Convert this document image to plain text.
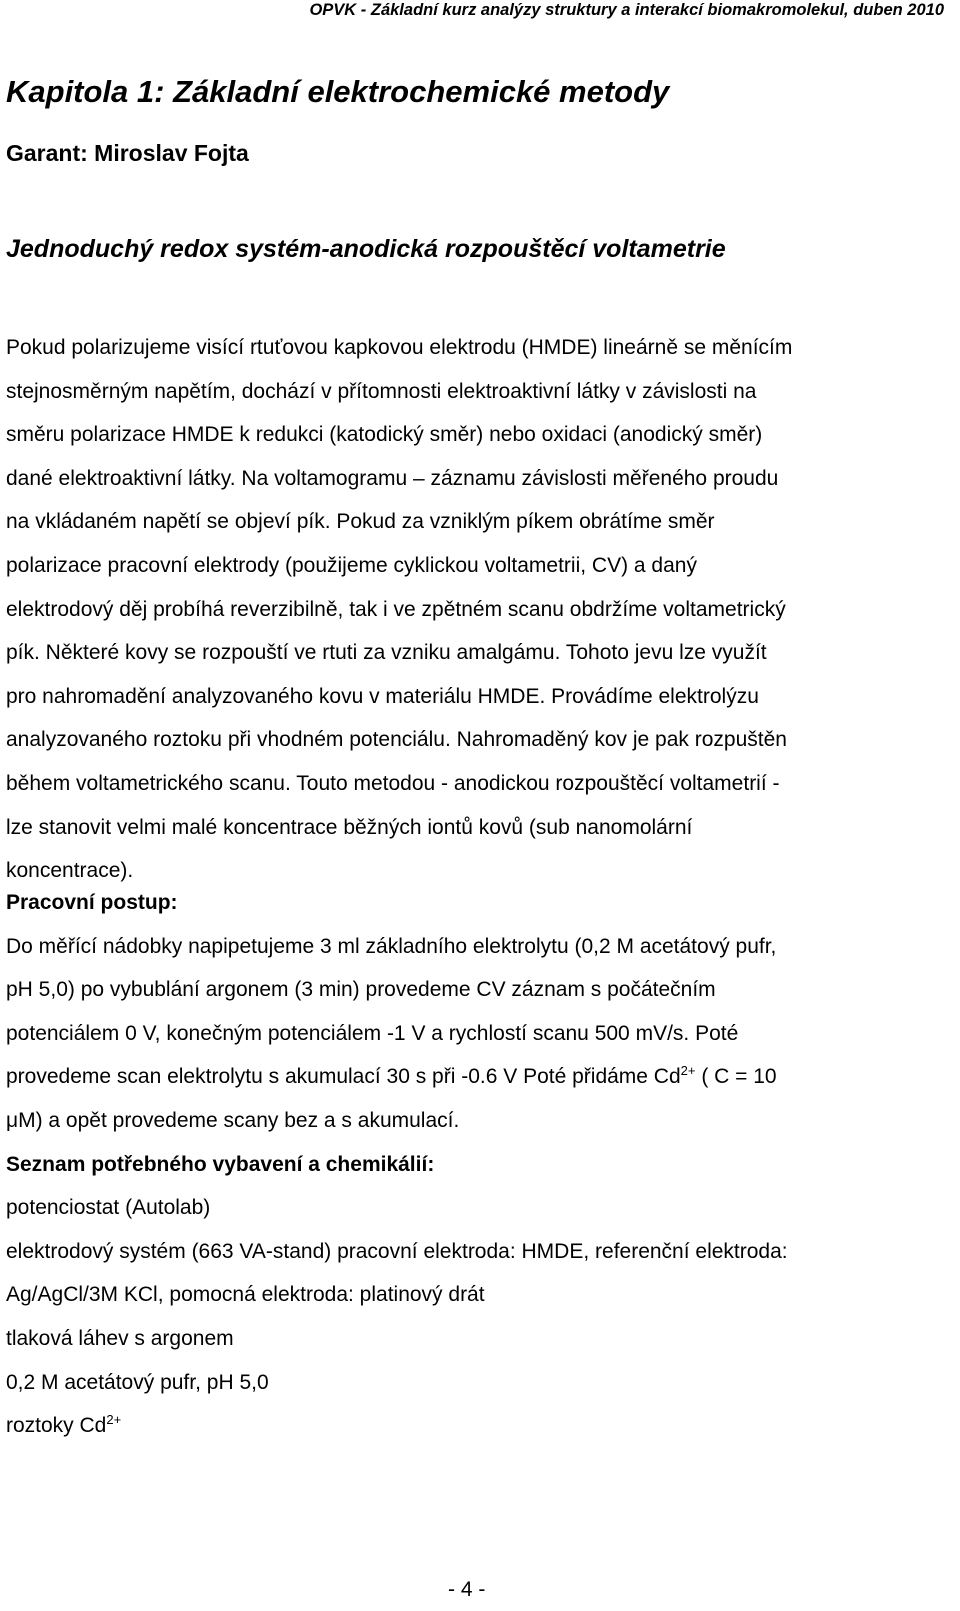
OPVK - Základní kurz analýzy struktury a interakcí biomakromolekul, duben 2010
Kapitola 1: Základní elektrochemické metody
Garant: Miroslav Fojta
Jednoduchý redox systém-anodická rozpouštěcí voltametrie
Pokud polarizujeme visící rtuťovou kapkovou elektrodu (HMDE) lineárně se měnícím
stejnosměrným napětím, dochází v přítomnosti elektroaktivní látky v závislosti na
směru polarizace HMDE k redukci (katodický směr) nebo oxidaci (anodický směr)
dané elektroaktivní látky. Na voltamogramu – záznamu závislosti měřeného proudu
na vkládaném napětí se objeví pík. Pokud za vzniklým píkem obrátíme směr
polarizace pracovní elektrody (použijeme cyklickou voltametrii, CV) a daný
elektrodový děj probíhá reverzibilně, tak i ve zpětném scanu obdržíme voltametrický
pík. Některé kovy se rozpouští ve rtuti za vzniku amalgámu. Tohoto jevu lze využít
pro nahromadění analyzovaného kovu v materiálu HMDE. Provádíme elektrolýzu
analyzovaného roztoku při vhodném potenciálu. Nahromaděný kov je pak rozpuštěn
během voltametrického scanu. Touto metodou - anodickou rozpouštěcí voltametrií -
lze stanovit velmi malé koncentrace běžných iontů kovů (sub nanomolární
koncentrace).
Pracovní postup:
Do měřící nádobky napipetujeme 3 ml základního elektrolytu (0,2 M acetátový pufr,
pH 5,0) po vybublání argonem (3 min) provedeme CV záznam s počátečním
potenciálem 0 V, konečným potenciálem -1 V a rychlostí scanu 500 mV/s. Poté
provedeme scan elektrolytu s akumulací 30 s při -0.6 V Poté přidáme $Cd^{2+}$ ( C = 10
μM) a opět provedeme scany bez a s akumulací.
Seznam potřebného vybavení a chemikálií:
potenciostat (Autolab)
elektrodový systém (663 VA-stand) pracovní elektroda: HMDE, referenční elektroda:
Ag/AgCl/3M KCl, pomocná elektroda: platinový drát
tlaková láhev s argonem
0,2 M acetátový pufr, pH 5,0
roztoky $Cd^{2+}$
- 4 -
